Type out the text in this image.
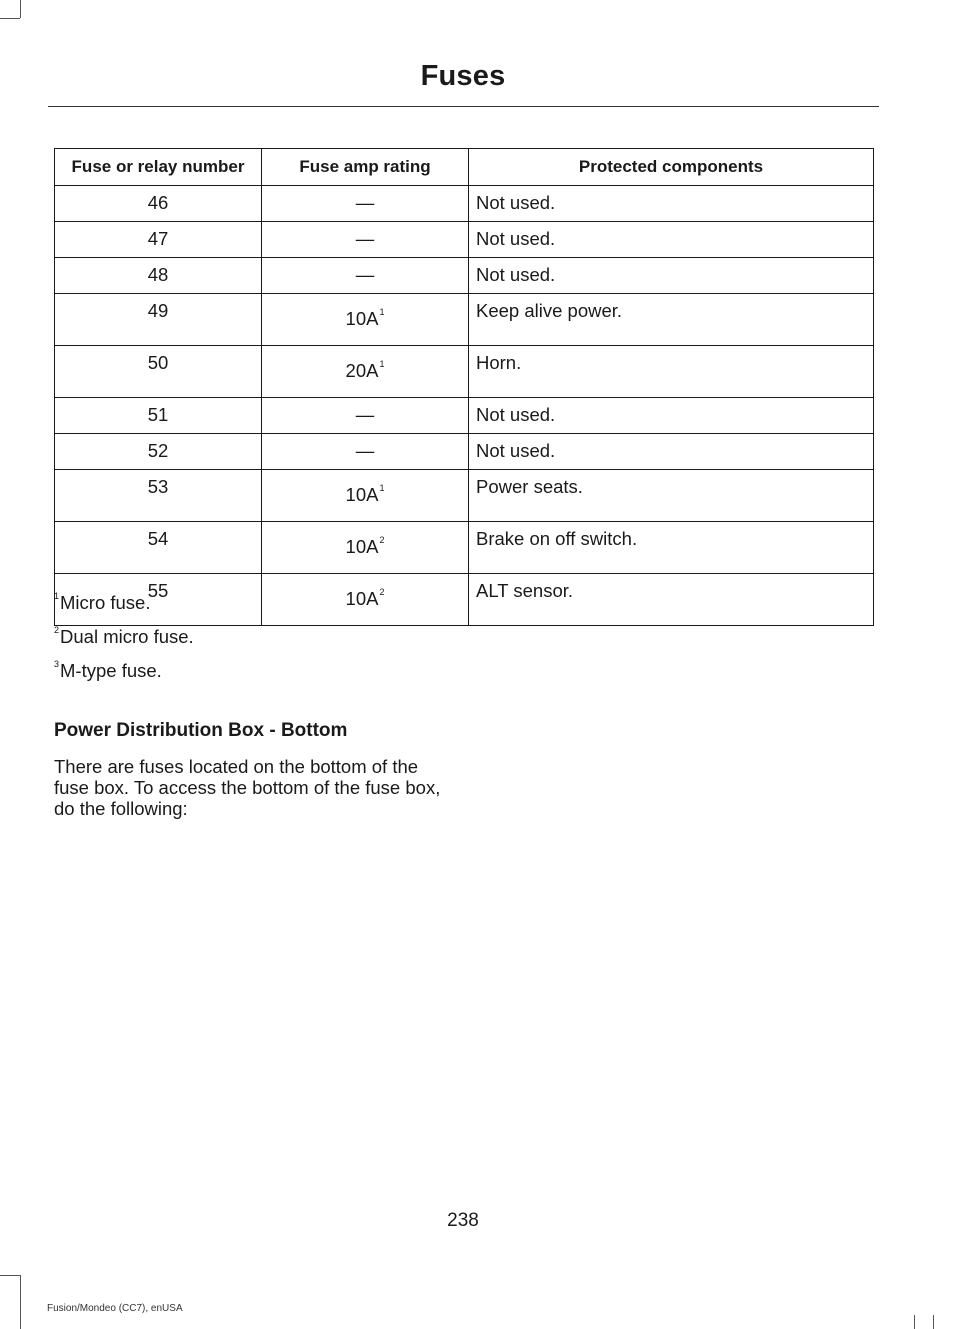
Fuses
Fuse or relay number	Fuse amp rating	Protected components
46	—	Not used.
47	—	Not used.
48	—	Not used.
49	$10A^1$	Keep alive power.
50	$20A^1$	Horn.
51	—	Not used.
52	—	Not used.
53	$10A^1$	Power seats.
54	$10A^2$	Brake on off switch.
55	$10A^2$	ALT sensor.
$^1$Micro fuse.
$^2$Dual micro fuse.
$^3$M-type fuse.
Power Distribution Box - Bottom
There are fuses located on the bottom of the fuse box. To access the bottom of the fuse box, do the following:
238
Fusion/Mondeo (CC7), enUSA
